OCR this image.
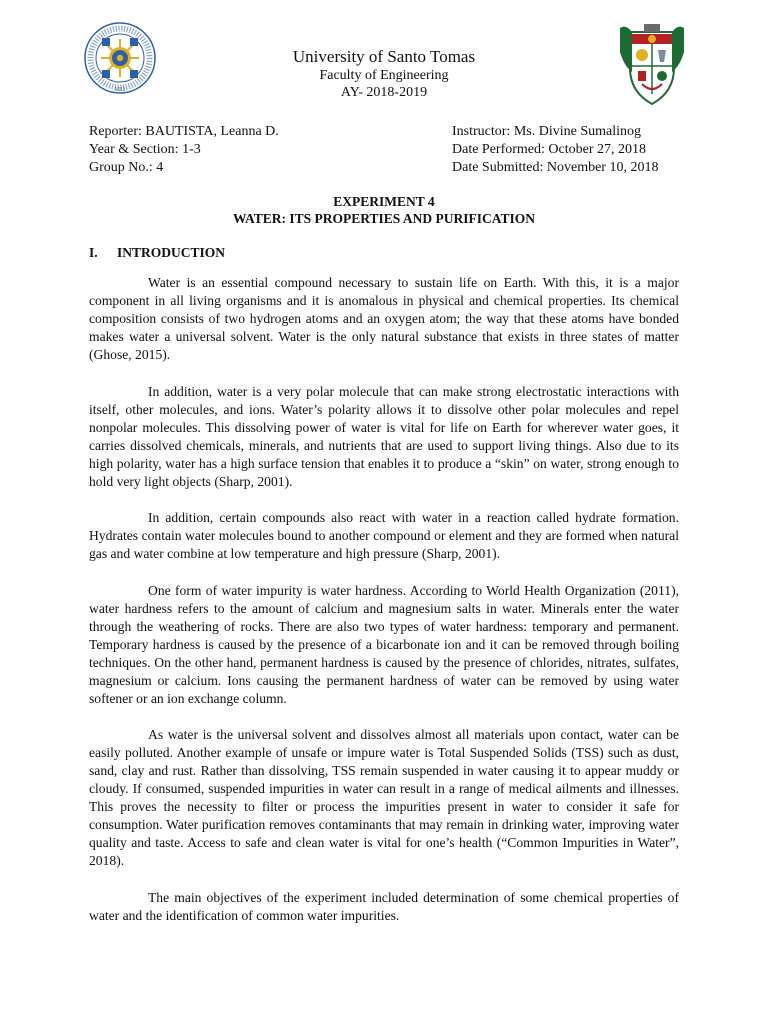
1611
University of Santo Tomas
Faculty of Engineering
AY- 2018-2019
Reporter: BAUTISTA, Leanna D.
Year & Section: 1-3
Group No.: 4
Instructor: Ms. Divine Sumalinog
Date Performed: October 27, 2018
Date Submitted: November 10, 2018
EXPERIMENT 4
WATER: ITS PROPERTIES AND PURIFICATION
I. INTRODUCTION

Water is an essential compound necessary to sustain life on Earth. With this, it is a major component in all living organisms and it is anomalous in physical and chemical properties. Its chemical composition consists of two hydrogen atoms and an oxygen atom; the way that these atoms have bonded makes water a universal solvent. Water is the only natural substance that exists in three states of matter (Ghose, 2015).

In addition, water is a very polar molecule that can make strong electrostatic interactions with itself, other molecules, and ions. Water’s polarity allows it to dissolve other polar molecules and repel nonpolar molecules. This dissolving power of water is vital for life on Earth for wherever water goes, it carries dissolved chemicals, minerals, and nutrients that are used to support living things. Also due to its high polarity, water has a high surface tension that enables it to produce a “skin” on water, strong enough to hold very light objects (Sharp, 2001).

In addition, certain compounds also react with water in a reaction called hydrate formation. Hydrates contain water molecules bound to another compound or element and they are formed when natural gas and water combine at low temperature and high pressure (Sharp, 2001).

One form of water impurity is water hardness. According to World Health Organization (2011), water hardness refers to the amount of calcium and magnesium salts in water. Minerals enter the water through the weathering of rocks. There are also two types of water hardness: temporary and permanent. Temporary hardness is caused by the presence of a bicarbonate ion and it can be removed through boiling techniques. On the other hand, permanent hardness is caused by the presence of chlorides, nitrates, sulfates, magnesium or calcium. Ions causing the permanent hardness of water can be removed by using water softener or an ion exchange column.

As water is the universal solvent and dissolves almost all materials upon contact, water can be easily polluted. Another example of unsafe or impure water is Total Suspended Solids (TSS) such as dust, sand, clay and rust. Rather than dissolving, TSS remain suspended in water causing it to appear muddy or cloudy. If consumed, suspended impurities in water can result in a range of medical ailments and illnesses. This proves the necessity to filter or process the impurities present in water to consider it safe for consumption. Water purification removes contaminants that may remain in drinking water, improving water quality and taste. Access to safe and clean water is vital for one’s health (“Common Impurities in Water”, 2018).

The main objectives of the experiment included determination of some chemical properties of water and the identification of common water impurities.
